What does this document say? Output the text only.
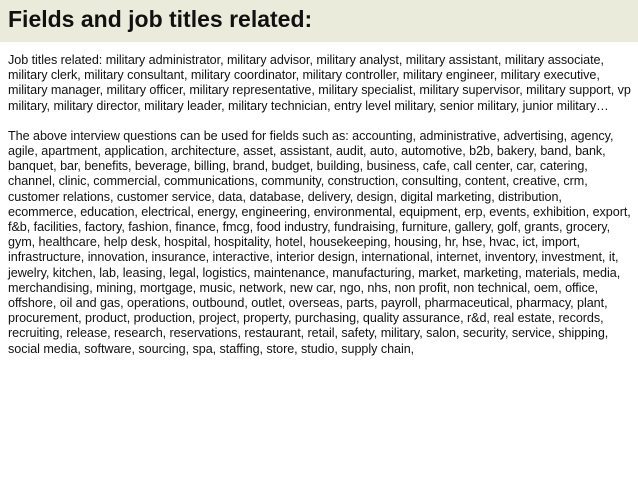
Fields and job titles related:

Job titles related: military administrator, military advisor, military analyst, military assistant, military associate, military clerk, military consultant, military coordinator, military controller, military engineer, military executive, military manager, military officer, military representative, military specialist, military supervisor, military support, vp military, military director, military leader, military technician, entry level military, senior military, junior military…

The above interview questions can be used for fields such as: accounting, administrative, advertising, agency, agile, apartment, application, architecture, asset, assistant, audit, auto, automotive, b2b, bakery, band, bank, banquet, bar, benefits, beverage, billing, brand, budget, building, business, cafe, call center, car, catering, channel, clinic, commercial, communications, community, construction, consulting, content, creative, crm, customer relations, customer service, data, database, delivery, design, digital marketing, distribution, ecommerce, education, electrical, energy, engineering, environmental, equipment, erp, events, exhibition, export, f&b, facilities, factory, fashion, finance, fmcg, food industry, fundraising, furniture, gallery, golf, grants, grocery, gym, healthcare, help desk, hospital, hospitality, hotel, housekeeping, housing, hr, hse, hvac, ict, import, infrastructure, innovation, insurance, interactive, interior design, international, internet, inventory, investment, it, jewelry, kitchen, lab, leasing, legal, logistics, maintenance, manufacturing, market, marketing, materials, media, merchandising, mining, mortgage, music, network, new car, ngo, nhs, non profit, non technical, oem, office, offshore, oil and gas, operations, outbound, outlet, overseas, parts, payroll, pharmaceutical, pharmacy, plant, procurement, product, production, project, property, purchasing, quality assurance, r&d, real estate, records, recruiting, release, research, reservations, restaurant, retail, safety, military, salon, security, service, shipping, social media, software, sourcing, spa, staffing, store, studio, supply chain,
